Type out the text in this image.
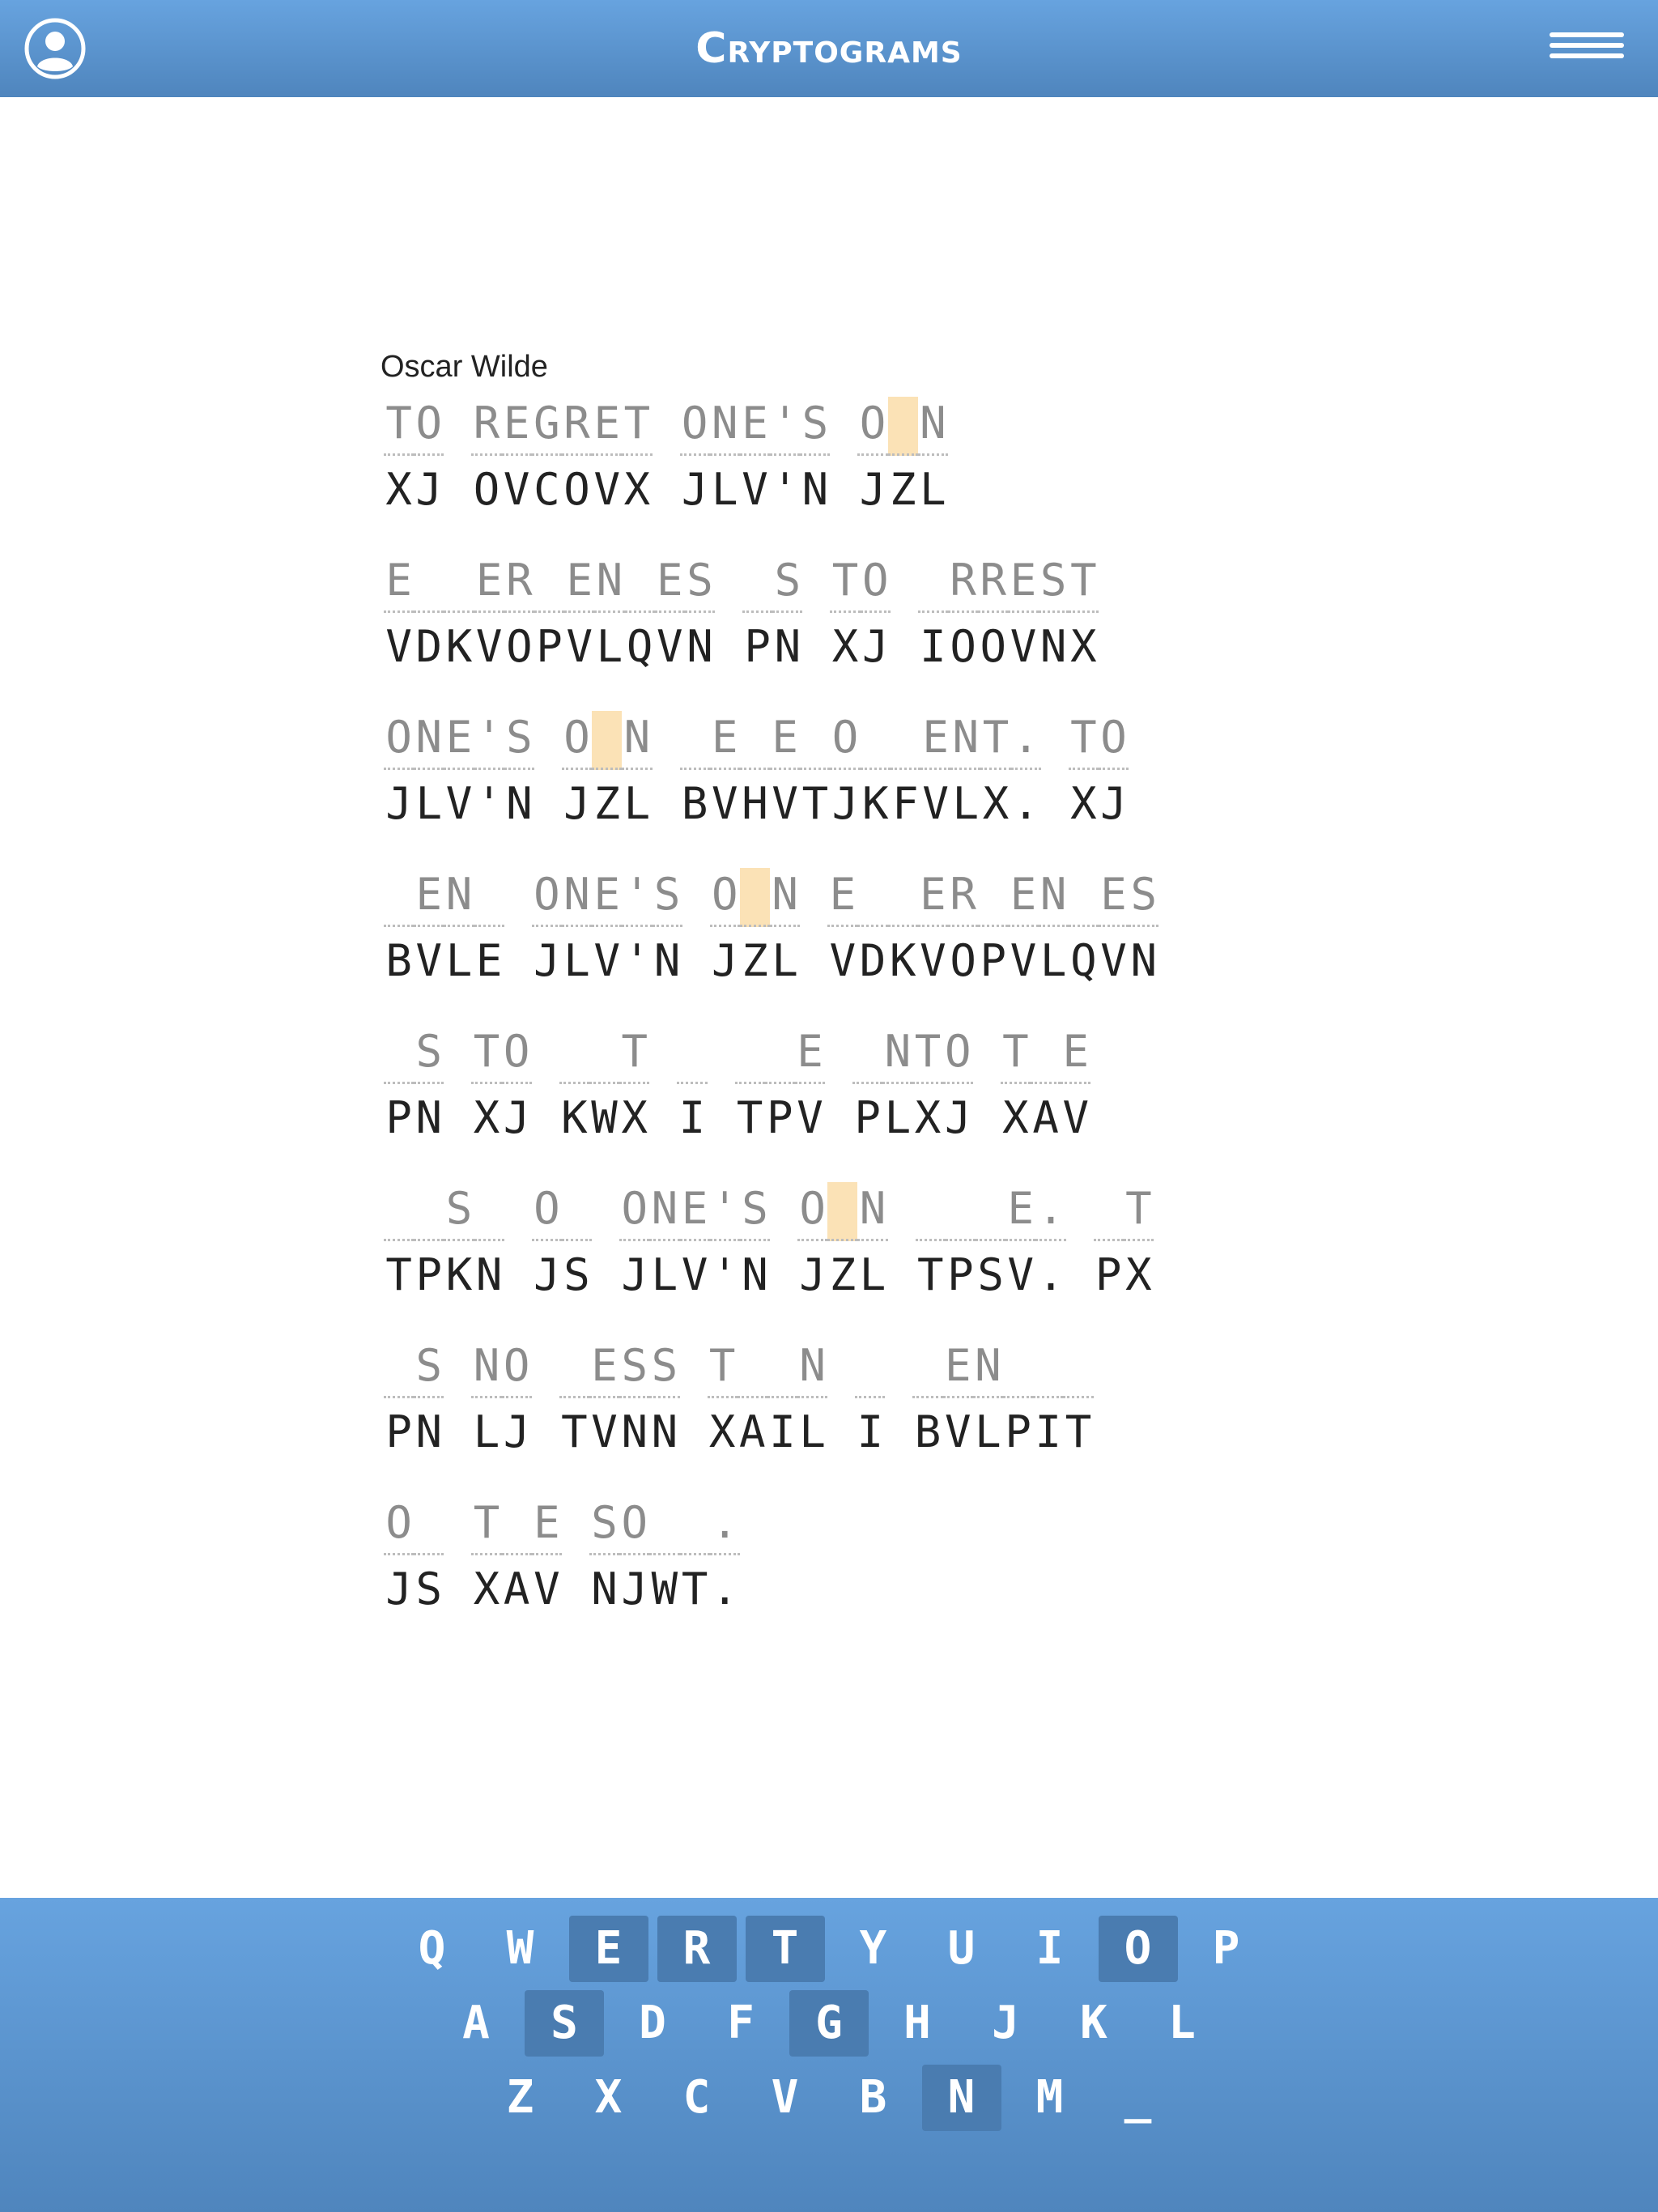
Cryptograms
Oscar Wilde
T
X
O
J
R
O
E
V
G
C
R
O
E
V
T
X
O
J
N
L
E
V
'
'
S
N
O
J
Z
N
L
E
V
D
K
E
V
R
O
P
E
V
N
L
Q
E
V
S
N
P
S
N
T
X
O
J
I
R
O
R
O
E
V
S
N
T
X
O
J
N
L
E
V
'
'
S
N
O
J
Z
N
L
B
E
V
H
E
V
T
O
J
K
F
E
V
N
L
T
X
.
.
T
X
O
J

B
E
V
N
L
E
O
J
N
L
E
V
'
'
S
N
O
J
Z
N
L
E
V
D
K
E
V
R
O
P
E
V
N
L
Q
E
V
S
N

P
S
N
T
X
O
J
K
W
T
X
I
T
P
E
V
P
N
L
T
X
O
J
T
X
A
E
V

T
P
S
K
N
O
J
S
O
J
N
L
E
V
'
'
S
N
O
J
Z
N
L
T
P
S
E
V
.
.
P
T
X

P
S
N
N
L
O
J
T
E
V
S
N
S
N
T
X
A
I
N
L
I
B
E
V
N
L
P
I
T
O
J
S
T
X
A
E
V
S
N
O
J
W
T
.
.
Q	W	E	R	T	Y	U	I	O	P
A	S	D	F	G	H	J	K	L
Z	X	C	V	B	N	M	_
